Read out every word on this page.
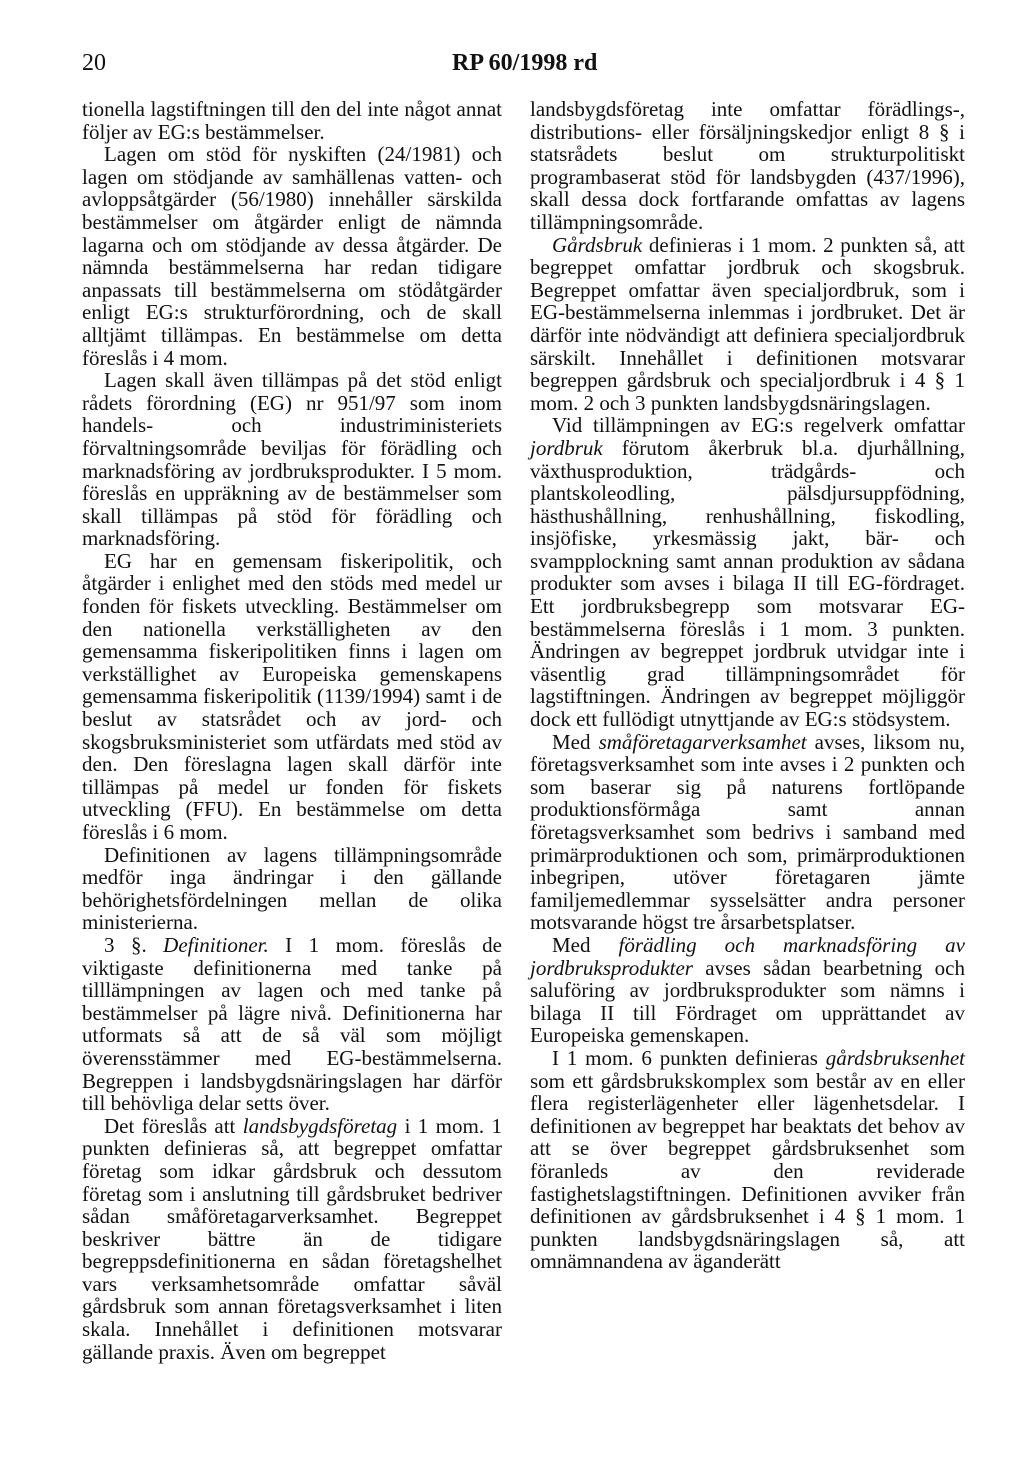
20	RP 60/1998 rd

tionella lagstiftningen till den del inte något annat följer av EG:s bestämmelser.

Lagen om stöd för nyskiften (24/1981) och lagen om stödjande av samhällenas vatten- och avloppsåtgärder (56/1980) innehåller särskilda bestämmelser om åtgärder enligt de nämnda lagarna och om stödjande av dessa åtgärder. De nämnda bestämmelserna har redan tidigare anpassats till bestämmelserna om stödåtgärder enligt EG:s strukturförordning, och de skall alltjämt tillämpas. En bestämmelse om detta föreslås i 4 mom.

Lagen skall även tillämpas på det stöd enligt rådets förordning (EG) nr 951/97 som inom handels- och industriministeriets förvaltningsområde beviljas för förädling och marknadsföring av jordbruksprodukter. I 5 mom. föreslås en uppräkning av de bestämmelser som skall tillämpas på stöd för förädling och marknadsföring.

EG har en gemensam fiskeripolitik, och åtgärder i enlighet med den stöds med medel ur fonden för fiskets utveckling. Bestämmelser om den nationella verkställigheten av den gemensamma fiskeripolitiken finns i lagen om verkställighet av Europeiska gemenskapens gemensamma fiskeripolitik (1139/1994) samt i de beslut av statsrådet och av jord- och skogsbruksministeriet som utfärdats med stöd av den. Den föreslagna lagen skall därför inte tillämpas på medel ur fonden för fiskets utveckling (FFU). En bestämmelse om detta föreslås i 6 mom.

Definitionen av lagens tillämpningsområde medför inga ändringar i den gällande behörighetsfördelningen mellan de olika ministerierna.

3 §. Definitioner. I 1 mom. föreslås de viktigaste definitionerna med tanke på tilllämpningen av lagen och med tanke på bestämmelser på lägre nivå. Definitionerna har utformats så att de så väl som möjligt överensstämmer med EG-bestämmelserna. Begreppen i landsbygdsnäringslagen har därför till behövliga delar setts över.

Det föreslås att landsbygdsföretag i 1 mom. 1 punkten definieras så, att begreppet omfattar företag som idkar gårdsbruk och dessutom företag som i anslutning till gårdsbruket bedriver sådan småföretagarverksamhet. Begreppet beskriver bättre än de tidigare begreppsdefinitionerna en sådan företagshelhet vars verksamhetsområde omfattar såväl gårdsbruk som annan företagsverksamhet i liten skala. Innehållet i definitionen motsvarar gällande praxis. Även om begreppet

landsbygdsföretag inte omfattar förädlings-, distributions- eller försäljningskedjor enligt 8 § i statsrådets beslut om strukturpolitiskt programbaserat stöd för landsbygden (437/1996), skall dessa dock fortfarande omfattas av lagens tillämpningsområde.

Gårdsbruk definieras i 1 mom. 2 punkten så, att begreppet omfattar jordbruk och skogsbruk. Begreppet omfattar även specialjordbruk, som i EG-bestämmelserna inlemmas i jordbruket. Det är därför inte nödvändigt att definiera specialjordbruk särskilt. Innehållet i definitionen motsvarar begreppen gårdsbruk och specialjordbruk i 4 § 1 mom. 2 och 3 punkten landsbygdsnäringslagen.

Vid tillämpningen av EG:s regelverk omfattar jordbruk förutom åkerbruk bl.a. djurhållning, växthusproduktion, trädgårds- och plantskoleodling, pälsdjursuppfödning, hästhushållning, renhushållning, fiskodling, insjöfiske, yrkesmässig jakt, bär- och svampplockning samt annan produktion av sådana produkter som avses i bilaga II till EG-fördraget. Ett jordbruksbegrepp som motsvarar EG-bestämmelserna föreslås i 1 mom. 3 punkten. Ändringen av begreppet jordbruk utvidgar inte i väsentlig grad tillämpningsområdet för lagstiftningen. Ändringen av begreppet möjliggör dock ett fullödigt utnyttjande av EG:s stödsystem.

Med småföretagarverksamhet avses, liksom nu, företagsverksamhet som inte avses i 2 punkten och som baserar sig på naturens fortlöpande produktionsförmåga samt annan företagsverksamhet som bedrivs i samband med primärproduktionen och som, primärproduktionen inbegripen, utöver företagaren jämte familjemedlemmar sysselsätter andra personer motsvarande högst tre årsarbetsplatser.

Med förädling och marknadsföring av jordbruksprodukter avses sådan bearbetning och saluföring av jordbruksprodukter som nämns i bilaga II till Fördraget om upprättandet av Europeiska gemenskapen.

I 1 mom. 6 punkten definieras gårdsbruksenhet som ett gårdsbrukskomplex som består av en eller flera registerlägenheter eller lägenhetsdelar. I definitionen av begreppet har beaktats det behov av att se över begreppet gårdsbruksenhet som föranleds av den reviderade fastighetslagstiftningen. Definitionen avviker från definitionen av gårdsbruksenhet i 4 § 1 mom. 1 punkten landsbygdsnäringslagen så, att omnämnandena av äganderätt
